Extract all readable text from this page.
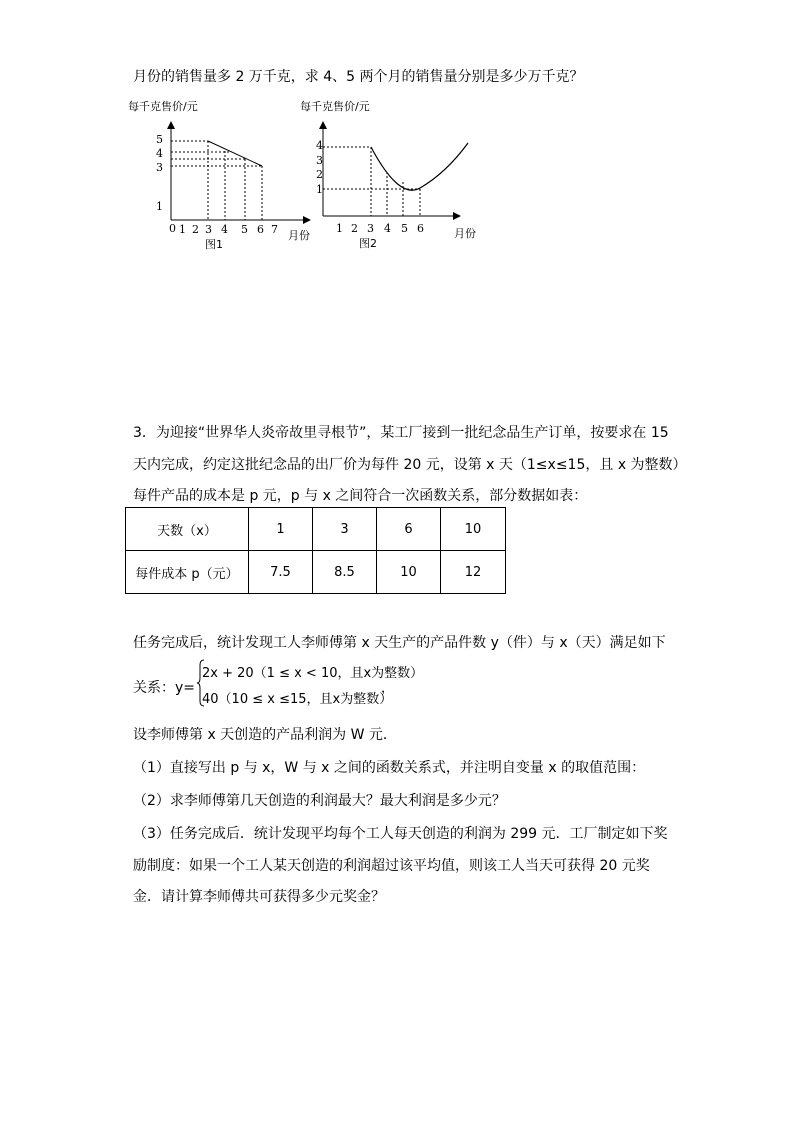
月份的销售量多 2 万千克，求 4、5 两个月的销售量分别是多少万千克？
每千克售价/元
1
3
4
5
0 1 2 3 4 5 6 7 月份
图1
每千克售价/元
1
2
3
4
1 2 3 4 5 6	月份
图2
3．为迎接“世界华人炎帝故里寻根节”，某工厂接到一批纪念品生产订单，按要求在 15
天内完成，约定这批纪念品的出厂价为每件 20 元，设第 x 天（1≤x≤15，且 x 为整数）
每件产品的成本是 p 元，p 与 x 之间符合一次函数关系，部分数据如表：
天数（x）	1	3	6	10
每件成本 p（元）	7.5	8.5	10	12
任务完成后，统计发现工人李师傅第 x 天生产的产品件数 y（件）与 x（天）满足如下
关系：y=
2x + 20（1 ≤ x < 10，且x为整数）
40（10 ≤ x ≤15，且x为整数）
，
设李师傅第 x 天创造的产品利润为 W 元．
（1）直接写出 p 与 x，W 与 x 之间的函数关系式，并注明自变量 x 的取值范围：
（2）求李师傅第几天创造的利润最大？最大利润是多少元？
（3）任务完成后．统计发现平均每个工人每天创造的利润为 299 元．工厂制定如下奖
励制度：如果一个工人某天创造的利润超过该平均值，则该工人当天可获得 20 元奖
金．请计算李师傅共可获得多少元奖金？
